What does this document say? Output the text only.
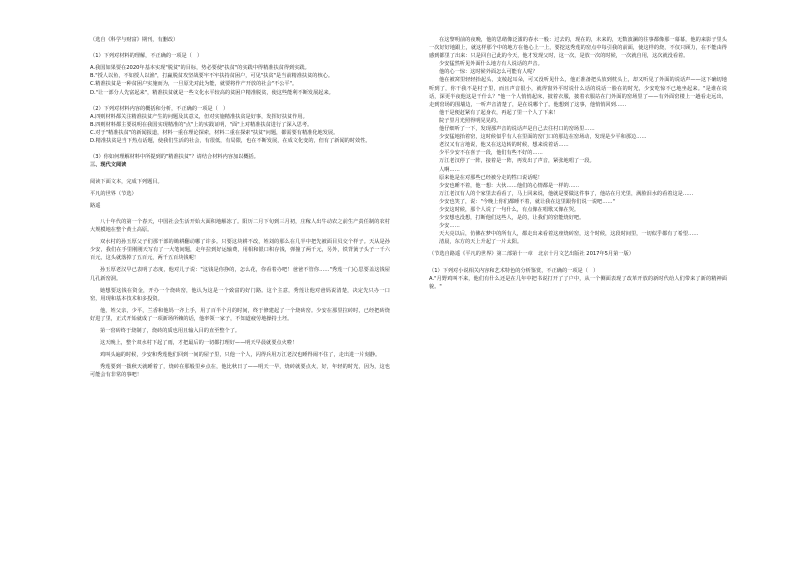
（选自《科学与财富》期刊，有删改）

（1）下列对材料的理解，不正确的一项是（　）

A.我国如果要在2020年基本实现"脱贫"的目标，势必要使"扶贫"的实践中得精准扶贫得到实践。

B."授人以鱼，不如授人以渔"，打赢脱贫攻坚战要牢不牢扶持贫困户，可见"扶贫"是当前精准扶贫的核心。

C.精准扶贫是一种贫困户实施而为，一旦原先对此为能，就要将作产开放的社会"不公平"。

D."让一部分人先富起来"，精准扶贫就是一些文化水平较高的贫困户精准脱贫，使这些能利不断发展起来。

（2）下列对材料内容的概括和分析，不正确的一项是（　）

A.四则材料都关注精准扶贫产生的问题及其意义，但对实施精准扶贫是好事，发挥好扶贫作用。

B.四则材料都主要说明在我国实现精准的"点"上的实践证明，"面"上对精准扶贫进行了深入思考。

C.对于"精准扶贫"的新闻报道，材料一重在理论探索，材料二重在探索"扶贫"问题，都需要有精准化地发展。

D.精准扶贫是当下热点话题，使我们生活的社会，有很低，有局限，也在不断发展，在成文化变的，但有了新闻的时效性。

（3）你如何理解材料中所提到的"精准扶贫"？请结合材料内容加以概括。

三、现代文阅读

阅读下面文本，完成下列题目。

平凡的世界（节选）

路遥

八十年代的第一个春天，中国社会生活开始大面积地解冻了。阳历二月下旬到三月初，庄稼人出牛动农之前生产责任制的农村大规模地在整个黄土高原。

双水村的孙玉厚父子们那干部的锄耕翻动哪了许多。只要这块耕不改，姓刘的那么在几半中把先被面目贝交个样子。天从是孙少安，我们在手里刚刚天写有了一大笔间题，走年拉到好运输费，用相和银口积存钱，弹撞了两千元，另外，铁背簧子头子一千六百元，这头就落掉了五百元，两千五百块钱呢！

孙玉厚老汉早已表明了态度，他对儿子说："这钱是你挣的，怎么花，你看着办吧！爸爸不管你……"秀莲一门心思要盖这钱屋几孔新窑洞。

她想要这钱在资金，开办一个烧砖窑，他认为这是一个致富的好门路。这个主意，秀莲让他对爸妈说清楚，决定先只办一口窑，用现和基本技术和多投资。

他，姓父亲，少平，兰香和他妈一齐上手，用了百半个月的时间，终于修建起了一个烧砖窑。少安在那里拉砖时，已经把砖烧好进了里，正式开始就成了一项新场所赖的话，他率领一家子，不知道疲劳地操持土坯。

第一窑砖终于烧制了，烧砖的质也用且输入目的直至整个了。

这天晚上，整个双水村下起了雨，才把最后的一切都打理好——明天早晨就要点火啦！

鸡叫头遍的时候，少安和秀莲他们回到一间的屋子里，只他一个人，闪得兵用万江老汉也睡得闹不住了，走出进一片刻静。

秀莲要到一拨秋天就睡着了，烧砖在那般里乡点在，他比秋日了——明天一早，烧砖就要点火，好，年轻的时光，因为，这也可能会有非常的事吧！

在这黎明前的夜晚，他的思绪像泛滥的春水一般：过去的，现在的，未来的，无数波澜的往事都像那一幕幕，他的来影子里头一次好好地跟上，就这样那个中的地方在他心上一上，要挖这秀莲的窑点中每引我的前面，使这样的烧，不仅只顾力，在不能由得感到都里了出来：只是回自己此的今天，他才发现父时，这一次，是放一次的时候，一次就自用，这次就没看着。

少安猛然听见外面什么地方有人说话的声音。

他的心一惊：这时候外面怎么可能有人呢？

他在被窝里轻轻抬起头，支棱起耳朵，可又没听见什么，他正准备把头放到枕头上，却又听见了外面的说话声——这下确切地听到了，你干我不是村子里，而且声音很小，就得窗外平时说什么话的说话一脸在的时光，少安吃惊不已地坐起来。"是谁在说话，深更半夜他这是干什么？"他一个人悄悄起床，披着衣服，披着衣服站在门外面的窑场里了——有外面窑楼上一趟看走远出，走到窑场的围墙边，一听声音清楚了，是在说哪个了。他想到了这事，他悄悄回到……

他干是便赶紧有了起身衣，再起了里一个人了下来！

院子里月光照得明晃晃的。

他仔细听了一下，发现那声音的说话声是自己去往村口的窑场里……

少安猛地抬着窑，这时候似乎有人在里面的窑门口的那边在窑场动，发现是少平和那边……

老汉又有言地说，他又在这边转的时候，想来说着话……

少平少安不在喜子一段，他们有些不好的……

万江老汉停了一阵，接着是一阵，再发出了声音，紧张地唱了一段。

人啊……

原来他是在对那些已经被分走的牲口说话呢！

少安也睡不着，他一想：大伙……他们的心情都是一样的……

万江老汉有人的个家里去看看了，马上回来说，他就是要做这件事了，他站在月光里，满脸泪水的看着这是……

少安也笑了，说："今晚上你们都睡不着，就让我在这里跟你们说一说吧……"

少安这时候，那个人说了一句什么，有点像在唱歌又像在哭。

少安想也没想，打断他们这些人，是的，让我们的窑能烧好吧。

少安……

天大亮以后，仿佛在梦中的所有人，都走出来看着这座烧砖窑，这个时候，这段时间里，一切似乎都有了希望……

清晨，东方的天上升起了一片太阳。

（节选自路遥《平凡的世界》第二部第十一章　北京十月文艺出版社 2017年5月第一版）

（1）下列对小说相关内容和艺术特色的分析鉴赏，不正确的一项是（　）

A."月野鸡叫不来，他们有什么还是在几年中把书说打开了了户中，从一个侧面表现了改革开放的新时代给人们带来了新的精神面貌。"
